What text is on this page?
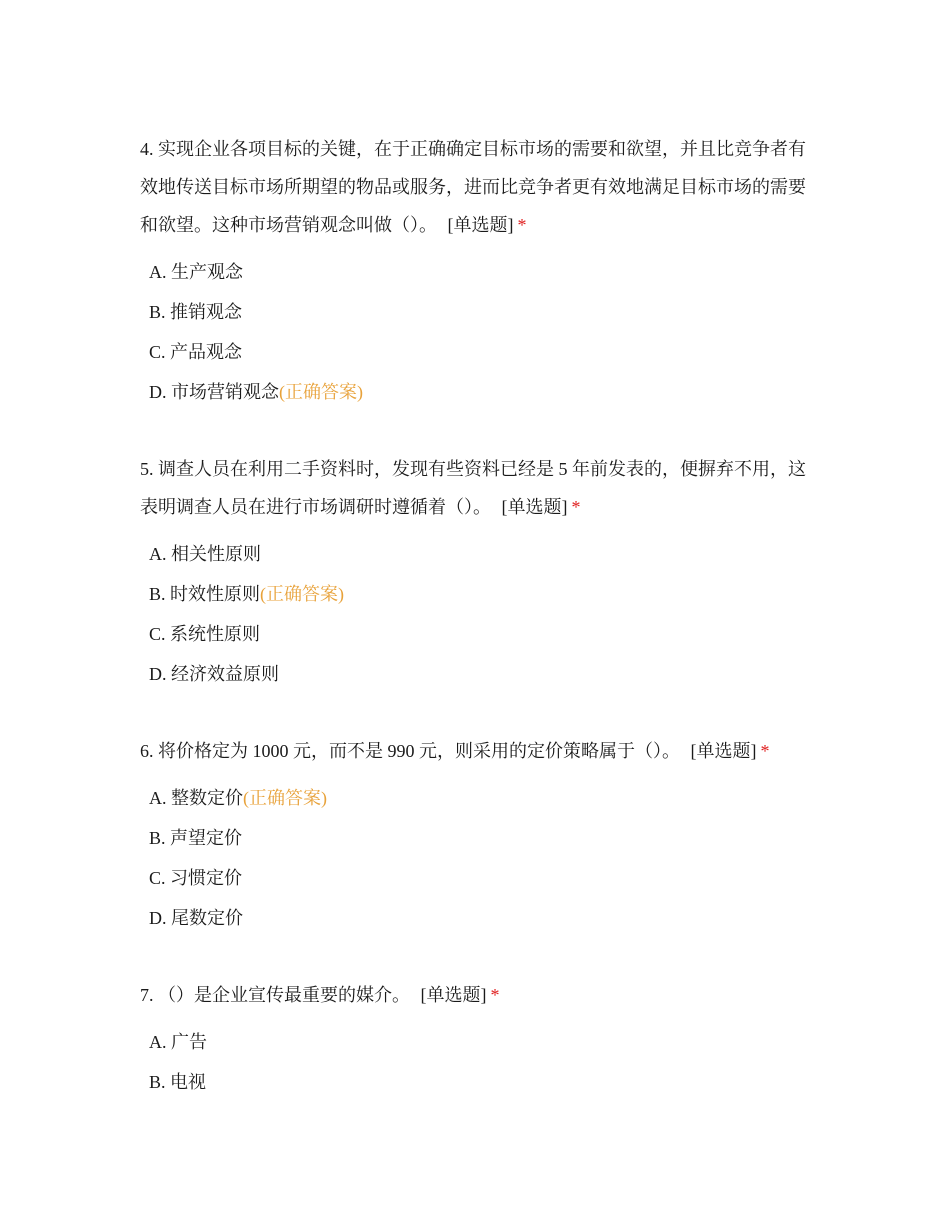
4. 实现企业各项目标的关键，在于正确确定目标市场的需要和欲望，并且比竞争者有效地传送目标市场所期望的物品或服务，进而比竞争者更有效地满足目标市场的需要和欲望。这种市场营销观念叫做（）。 [单选题] *

A. 生产观念
B. 推销观念
C. 产品观念
D. 市场营销观念(正确答案)

5. 调查人员在利用二手资料时，发现有些资料已经是 5 年前发表的，便摒弃不用，这表明调查人员在进行市场调研时遵循着（）。 [单选题] *

A. 相关性原则
B. 时效性原则(正确答案)
C. 系统性原则
D. 经济效益原则

6. 将价格定为 1000 元，而不是 990 元，则采用的定价策略属于（）。 [单选题] *

A. 整数定价(正确答案)
B. 声望定价
C. 习惯定价
D. 尾数定价

7. （）是企业宣传最重要的媒介。 [单选题] *

A. 广告
B. 电视
